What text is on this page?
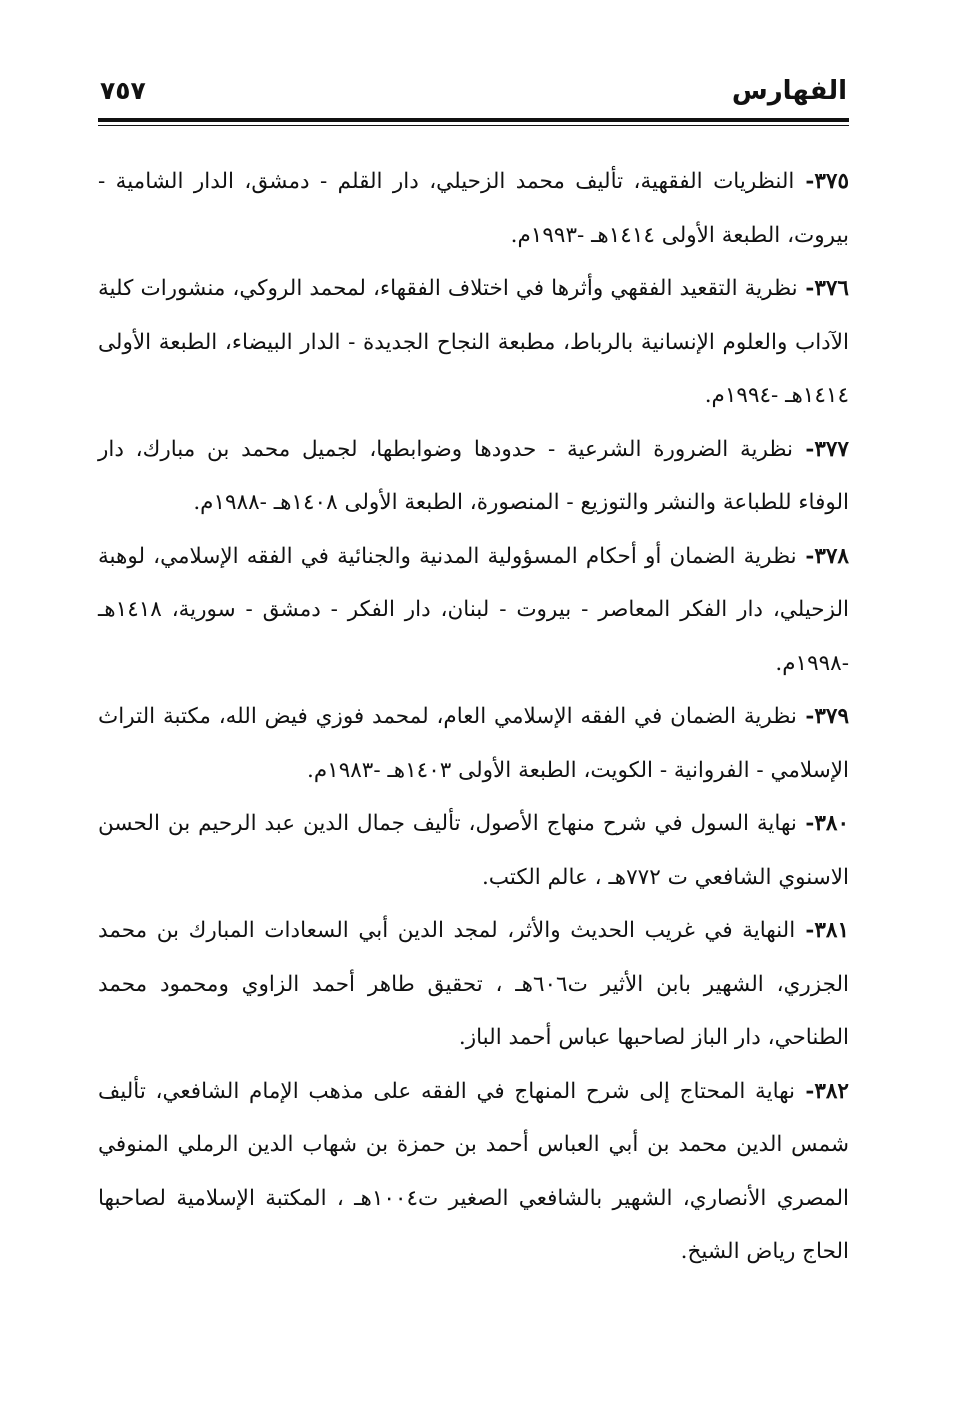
الفهارس
٧٥٧

٣٧٥- النظريات الفقهية، تأليف محمد الزحيلي، دار القلم - دمشق، الدار الشامية - بيروت، الطبعة الأولى ١٤١٤هـ -١٩٩٣م.

٣٧٦- نظرية التقعيد الفقهي وأثرها في اختلاف الفقهاء، لمحمد الروكي، منشورات كلية الآداب والعلوم الإنسانية بالرباط، مطبعة النجاح الجديدة - الدار البيضاء، الطبعة الأولى ١٤١٤هـ -١٩٩٤م.

٣٧٧- نظرية الضرورة الشرعية - حدودها وضوابطها، لجميل محمد بن مبارك، دار الوفاء للطباعة والنشر والتوزيع - المنصورة، الطبعة الأولى ١٤٠٨هـ -١٩٨٨م.

٣٧٨- نظرية الضمان أو أحكام المسؤولية المدنية والجنائية في الفقه الإسلامي، لوهبة الزحيلي، دار الفكر المعاصر - بيروت - لبنان، دار الفكر - دمشق - سورية، ١٤١٨هـ -١٩٩٨م.

٣٧٩- نظرية الضمان في الفقه الإسلامي العام، لمحمد فوزي فيض الله، مكتبة التراث الإسلامي - الفروانية - الكويت، الطبعة الأولى ١٤٠٣هـ -١٩٨٣م.

٣٨٠- نهاية السول في شرح منهاج الأصول، تأليف جمال الدين عبد الرحيم بن الحسن الاسنوي الشافعي ت ٧٧٢هـ ، عالم الكتب.

٣٨١- النهاية في غريب الحديث والأثر، لمجد الدين أبي السعادات المبارك بن محمد الجزري، الشهير بابن الأثير ت٦٠٦هـ ، تحقيق طاهر أحمد الزاوي ومحمود محمد الطناحي، دار الباز لصاحبها عباس أحمد الباز.

٣٨٢- نهاية المحتاج إلى شرح المنهاج في الفقه على مذهب الإمام الشافعي، تأليف شمس الدين محمد بن أبي العباس أحمد بن حمزة بن شهاب الدين الرملي المنوفي المصري الأنصاري، الشهير بالشافعي الصغير ت١٠٠٤هـ ، المكتبة الإسلامية لصاحبها الحاج رياض الشيخ.
